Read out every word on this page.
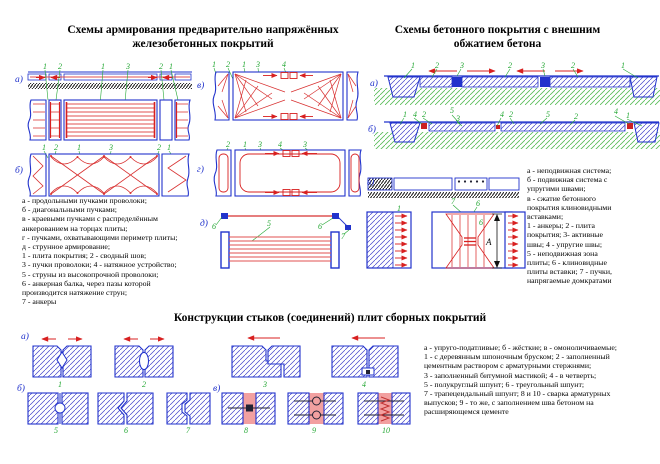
Схемы армирования предварительно напряжённых
железобетонных покрытий
Схемы бетонного покрытия с внешним
обжатием бетона
Конструкции стыков (соединений) плит сборных покрытий
а - продольными пучками проволоки;
б - диагональными пучками;
в - краевыми пучками с распределённым
анкерованием на торцах плиты;
г - пучками, охватывающими периметр плиты;
д - струнное армирование;
1 - плита покрытия; 2 - сводный шов;
3 - пучки проволоки; 4 - натяжное устройство;
5 - струны из высокопрочной проволоки;
6 - анкерная балка, через пазы которой
производится натяжение струн;
7 - анкеры
а - неподвижная система;
б - подвижная система с
упругими швами;
в - сжатие бетонного
покрытия клиновидными
вставками;
1 - анкеры; 2 - плита
покрытия; 3- активные
швы; 4 - упругие швы;
5 - неподвижная зона
плиты; 6 - клиновидные
плиты вставки; 7 - пучки,
напрягаемые домкратами
а - упруго-податливые; б - жёсткие; в - омоноличиваемые;
1 - с деревянным шпоночным бруском; 2 - заполненный
цементным раствором с арматурными стержнями;
3 - заполненный битумной мастикой; 4 - в четверть;
5 - полукруглый шпунт; 6 - треугольный шпунт;
7 - трапецеидальный шпунт; 8 и 10 - сварка арматурных
выпусков; 9 - то же, с заполнением шва бетоном на
расширяющемся цементе
а)
1 2	1	3	2 1
1 2 1	3	2 1
б)
в)
1 2 1 3	4
г)
2 1 3 4	3
д) 6	5	6
7
а)
1	2	3	2	3	2	1
б)
1 4 2	5
3	4 2	5	2
4 1
в)
7	6
1
6
А
а)
б)	в)
1	2	3	4
5	6	7	8	9	10
